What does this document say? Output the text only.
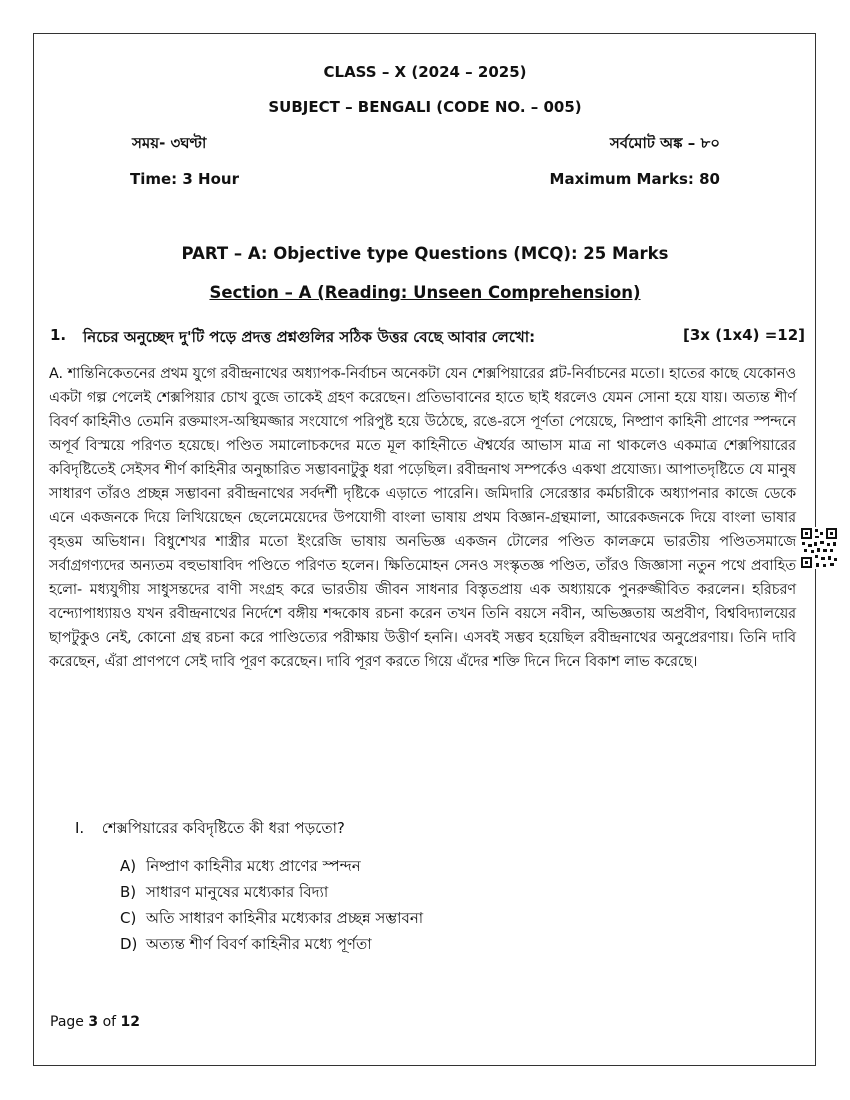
CLASS – X (2024 – 2025)
SUBJECT – BENGALI (CODE NO. – 005)
সময়- ৩ঘণ্টা	সর্বমোট অঙ্ক – ৮০
Time: 3 Hour	Maximum Marks: 80
PART – A: Objective type Questions (MCQ): 25 Marks
Section – A (Reading: Unseen Comprehension)
1. নিচের অনুচ্ছেদ দু'টি পড়ে প্রদত্ত প্রশ্নগুলির সঠিক উত্তর বেছে আবার লেখো:	[3x (1x4) =12]
A. শান্তিনিকেতনের প্রথম যুগে রবীন্দ্রনাথের অধ্যাপক-নির্বাচন অনেকটা যেন শেক্সপিয়ারের প্লট-নির্বাচনের মতো। হাতের কাছে যেকোনও একটা গল্প পেলেই শেক্সপিয়ার চোখ বুজে তাকেই গ্রহণ করেছেন। প্রতিভাবানের হাতে ছাই ধরলেও যেমন সোনা হয়ে যায়। অত্যন্ত শীর্ণ বিবর্ণ কাহিনীও তেমনি রক্তমাংস-অস্থিমজ্জার সংযোগে পরিপুষ্ট হয়ে উঠেছে, রঙে-রসে পূর্ণতা পেয়েছে, নিষ্প্রাণ কাহিনী প্রাণের স্পন্দনে অপূর্ব বিস্ময়ে পরিণত হয়েছে। পণ্ডিত সমালোচকদের মতে মূল কাহিনীতে ঐশ্বর্যের আভাস মাত্র না থাকলেও একমাত্র শেক্সপিয়ারের কবিদৃষ্টিতেই সেইসব শীর্ণ কাহিনীর অনুচ্চারিত সম্ভাবনাটুকু ধরা পড়েছিল। রবীন্দ্রনাথ সম্পর্কেও একথা প্রযোজ্য। আপাতদৃষ্টিতে যে মানুষ সাধারণ তাঁরও প্রচ্ছন্ন সম্ভাবনা রবীন্দ্রনাথের সর্বদর্শী দৃষ্টিকে এড়াতে পারেনি। জমিদারি সেরেস্তার কর্মচারীকে অধ্যাপনার কাজে ডেকে এনে একজনকে দিয়ে লিখিয়েছেন ছেলেমেয়েদের উপযোগী বাংলা ভাষায় প্রথম বিজ্ঞান-গ্রন্থমালা, আরেকজনকে দিয়ে বাংলা ভাষার বৃহত্তম অভিধান। বিধুশেখর শাস্ত্রীর মতো ইংরেজি ভাষায় অনভিজ্ঞ একজন টোলের পণ্ডিত কালক্রমে ভারতীয় পণ্ডিতসমাজে সর্বাগ্রগণ্যদের অন্যতম বহুভাষাবিদ পণ্ডিতে পরিণত হলেন। ক্ষিতিমোহন সেনও সংস্কৃতজ্ঞ পণ্ডিত, তাঁরও জিজ্ঞাসা নতুন পথে প্রবাহিত হলো- মধ্যযুগীয় সাধুসন্তদের বাণী সংগ্রহ করে ভারতীয় জীবন সাধনার বিস্তৃতপ্রায় এক অধ্যায়কে পুনরুজ্জীবিত করলেন। হরিচরণ বন্দ্যোপাধ্যায়ও যখন রবীন্দ্রনাথের নির্দেশে বঙ্গীয় শব্দকোষ রচনা করেন তখন তিনি বয়সে নবীন, অভিজ্ঞতায় অপ্রবীণ, বিশ্ববিদ্যালয়ের ছাপটুকুও নেই, কোনো গ্রন্থ রচনা করে পাণ্ডিত্যের পরীক্ষায় উত্তীর্ণ হননি। এসবই সম্ভব হয়েছিল রবীন্দ্রনাথের অনুপ্রেরণায়। তিনি দাবি করেছেন, এঁরা প্রাণপণে সেই দাবি পূরণ করেছেন। দাবি পূরণ করতে গিয়ে এঁদের শক্তি দিনে দিনে বিকাশ লাভ করেছে।
I. শেক্সপিয়ারের কবিদৃষ্টিতে কী ধরা পড়তো?
A) নিষ্প্রাণ কাহিনীর মধ্যে প্রাণের স্পন্দন
B) সাধারণ মানুষের মধ্যেকার বিদ্যা
C) অতি সাধারণ কাহিনীর মধ্যেকার প্রচ্ছন্ন সম্ভাবনা
D) অত্যন্ত শীর্ণ বিবর্ণ কাহিনীর মধ্যে পূর্ণতা
Page 3 of 12
